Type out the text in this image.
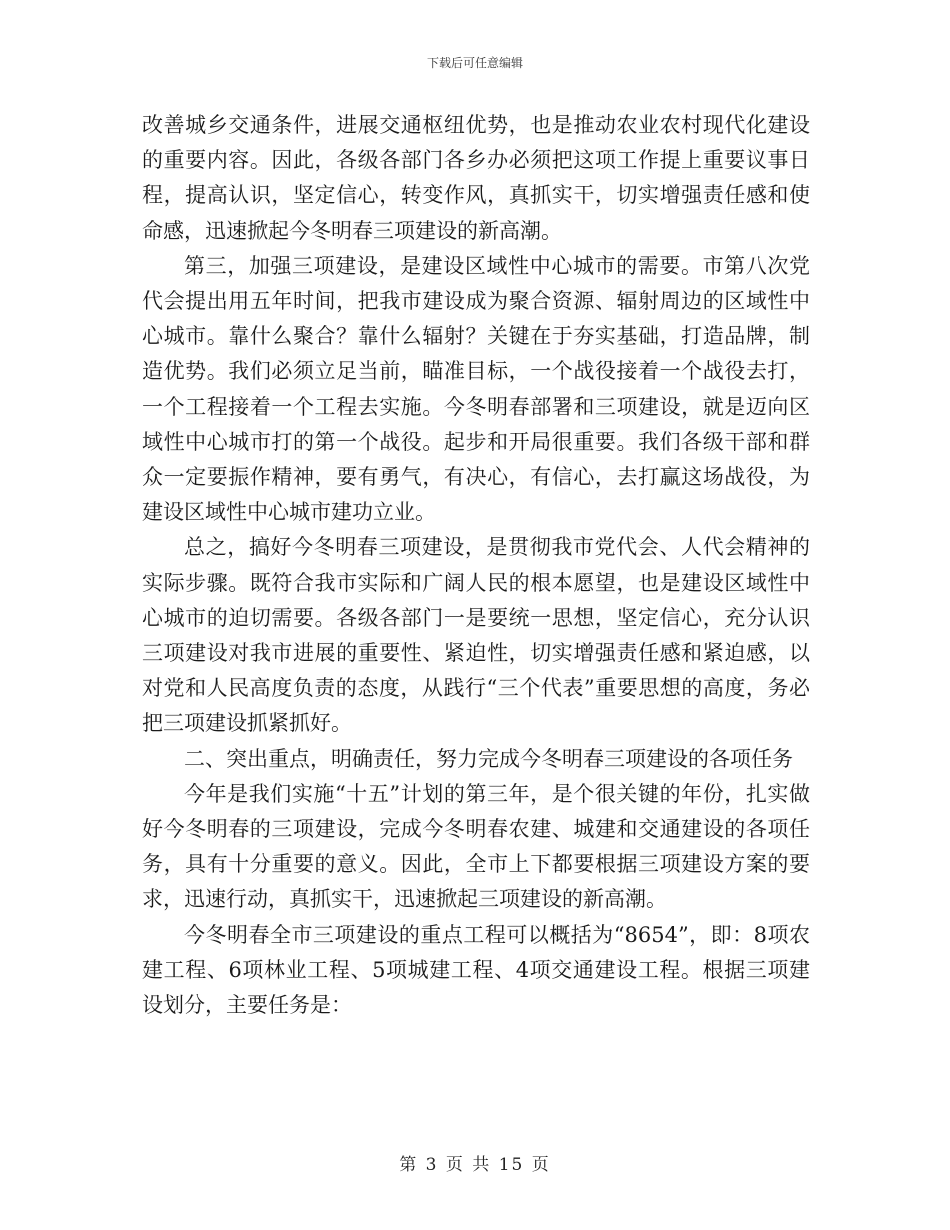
下载后可任意编辑

改善城乡交通条件，进展交通枢纽优势，也是推动农业农村现代化建设的重要内容。因此，各级各部门各乡办必须把这项工作提上重要议事日程，提高认识，坚定信心，转变作风，真抓实干，切实增强责任感和使命感，迅速掀起今冬明春三项建设的新高潮。

第三，加强三项建设，是建设区域性中心城市的需要。市第八次党代会提出用五年时间，把我市建设成为聚合资源、辐射周边的区域性中心城市。靠什么聚合？靠什么辐射？关键在于夯实基础，打造品牌，制造优势。我们必须立足当前，瞄准目标，一个战役接着一个战役去打，一个工程接着一个工程去实施。今冬明春部署和三项建设，就是迈向区域性中心城市打的第一个战役。起步和开局很重要。我们各级干部和群众一定要振作精神，要有勇气，有决心，有信心，去打赢这场战役，为建设区域性中心城市建功立业。

总之，搞好今冬明春三项建设，是贯彻我市党代会、人代会精神的实际步骤。既符合我市实际和广阔人民的根本愿望，也是建设区域性中心城市的迫切需要。各级各部门一是要统一思想，坚定信心，充分认识三项建设对我市进展的重要性、紧迫性，切实增强责任感和紧迫感，以对党和人民高度负责的态度，从践行“三个代表”重要思想的高度，务必把三项建设抓紧抓好。

二、突出重点，明确责任，努力完成今冬明春三项建设的各项任务

今年是我们实施“十五”计划的第三年，是个很关键的年份，扎实做好今冬明春的三项建设，完成今冬明春农建、城建和交通建设的各项任务，具有十分重要的意义。因此，全市上下都要根据三项建设方案的要求，迅速行动，真抓实干，迅速掀起三项建设的新高潮。

今冬明春全市三项建设的重点工程可以概括为“8654”，即：8项农建工程、6项林业工程、5项城建工程、4项交通建设工程。根据三项建设划分，主要任务是：

第 3 页 共 15 页
